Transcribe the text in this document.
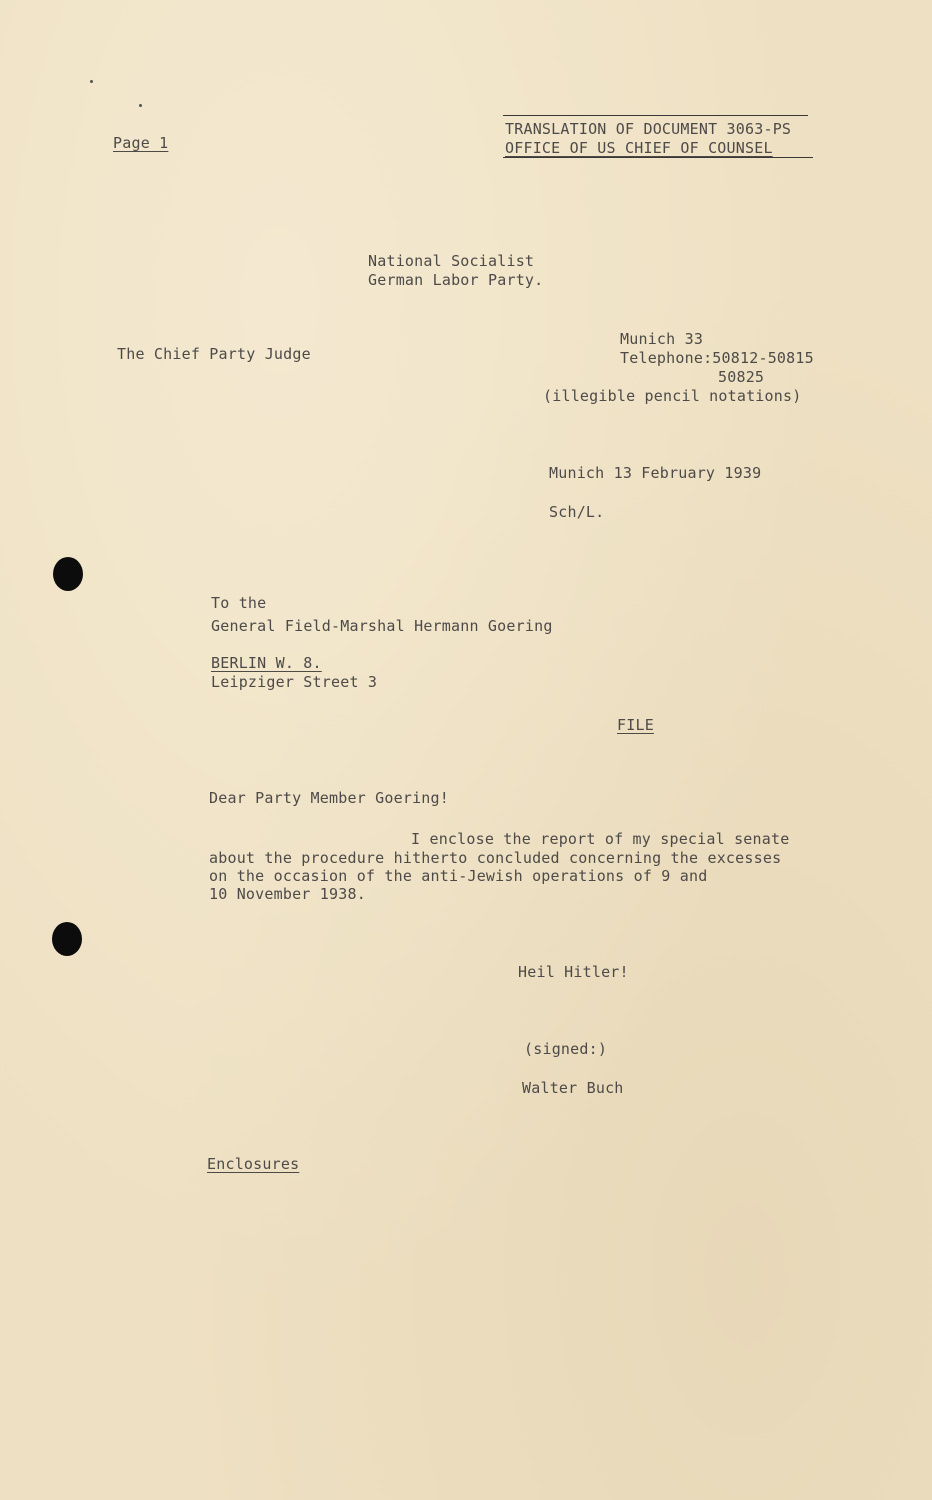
Page 1
TRANSLATION OF DOCUMENT 3063-PS
OFFICE OF US CHIEF OF COUNSEL
National Socialist
German Labor Party.
The Chief Party Judge
Munich 33
Telephone:50812-50815
50825
(illegible pencil notations)
Munich 13 February 1939
Sch/L.
To the
General Field-Marshal Hermann Goering
BERLIN W. 8.
Leipziger Street 3
FILE
Dear Party Member Goering!
I enclose the report of my special senate
about the procedure hitherto concluded concerning the excesses
on the occasion of the anti-Jewish operations of 9 and
10 November 1938.
Heil Hitler!
(signed:)
Walter Buch
Enclosures
